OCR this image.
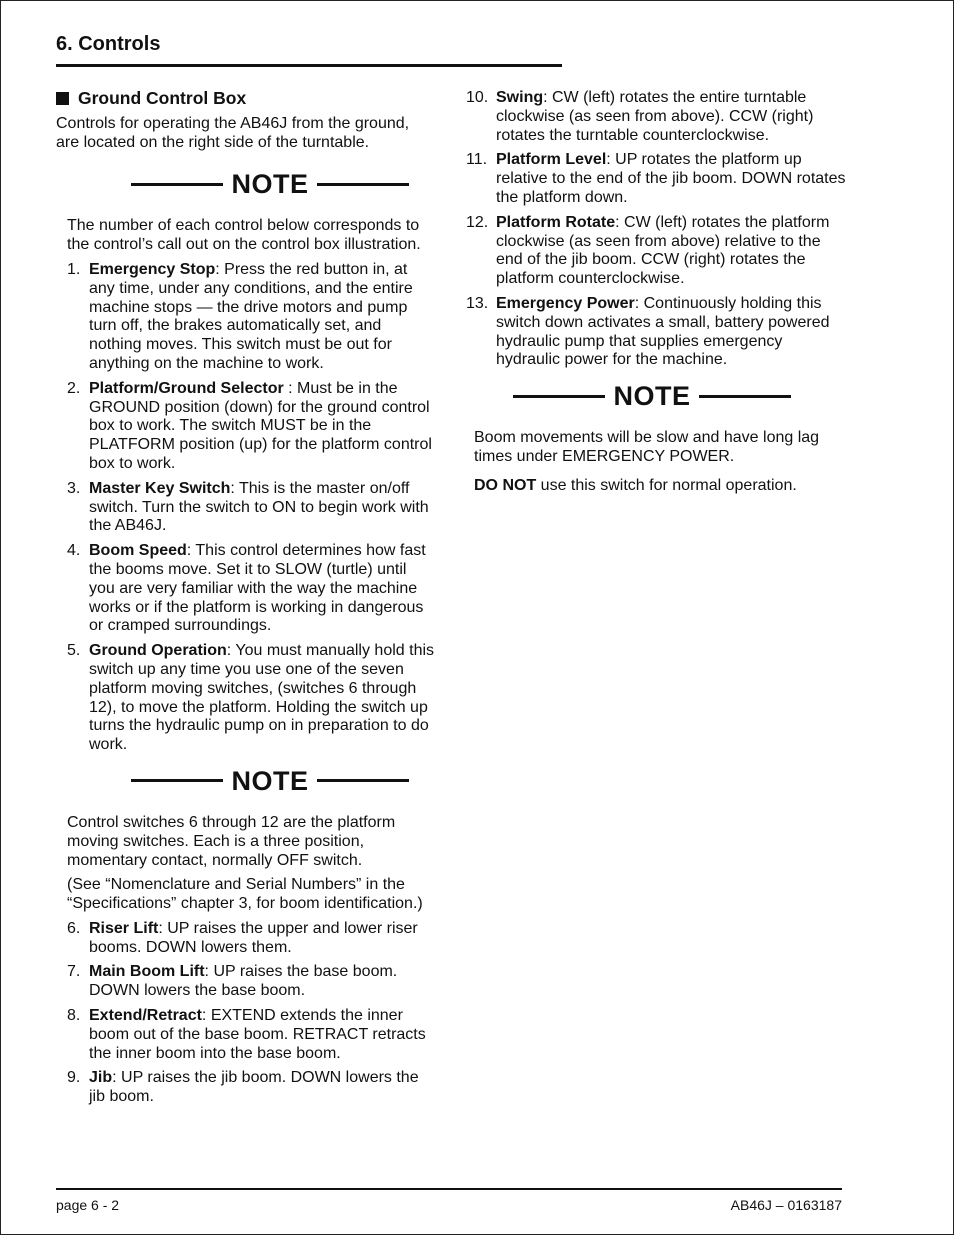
6. Controls
Ground Control Box

Controls for operating the AB46J from the ground, are located on the right side of the turntable.

NOTE

The number of each control below corresponds to the control’s call out on the control box illustration.

1. Emergency Stop: Press the red button in, at any time, under any conditions, and the entire machine stops — the drive motors and pump turn off, the brakes automatically set, and nothing moves. This switch must be out for anything on the machine to work.
2. Platform/Ground Selector : Must be in the GROUND position (down) for the ground control box to work. The switch MUST be in the PLATFORM position (up) for the platform control box to work.
3. Master Key Switch: This is the master on/off switch. Turn the switch to ON to begin work with the AB46J.
4. Boom Speed: This control determines how fast the booms move. Set it to SLOW (turtle) until you are very familiar with the way the machine works or if the platform is working in dangerous or cramped surroundings.
5. Ground Operation: You must manually hold this switch up any time you use one of the seven platform moving switches, (switches 6 through 12), to move the platform. Holding the switch up turns the hydraulic pump on in preparation to do work.
NOTE

Control switches 6 through 12 are the platform moving switches. Each is a three position, momentary contact, normally OFF switch.

(See “Nomenclature and Serial Numbers” in the “Specifications” chapter 3, for boom identification.)

6. Riser Lift: UP raises the upper and lower riser booms. DOWN lowers them.
7. Main Boom Lift: UP raises the base boom. DOWN lowers the base boom.
8. Extend/Retract: EXTEND extends the inner boom out of the base boom. RETRACT retracts the inner boom into the base boom.
9. Jib: UP raises the jib boom. DOWN lowers the jib boom.
10. Swing: CW (left) rotates the entire turntable clockwise (as seen from above). CCW (right) rotates the turntable counterclockwise.
11. Platform Level: UP rotates the platform up relative to the end of the jib boom. DOWN rotates the platform down.
12. Platform Rotate: CW (left) rotates the platform clockwise (as seen from above) relative to the end of the jib boom. CCW (right) rotates the platform counterclockwise.
13. Emergency Power: Continuously holding this switch down activates a small, battery powered hydraulic pump that supplies emergency hydraulic power for the machine.
NOTE

Boom movements will be slow and have long lag times under EMERGENCY POWER.

DO NOT use this switch for normal operation.

page 6 - 2	AB46J – 0163187
